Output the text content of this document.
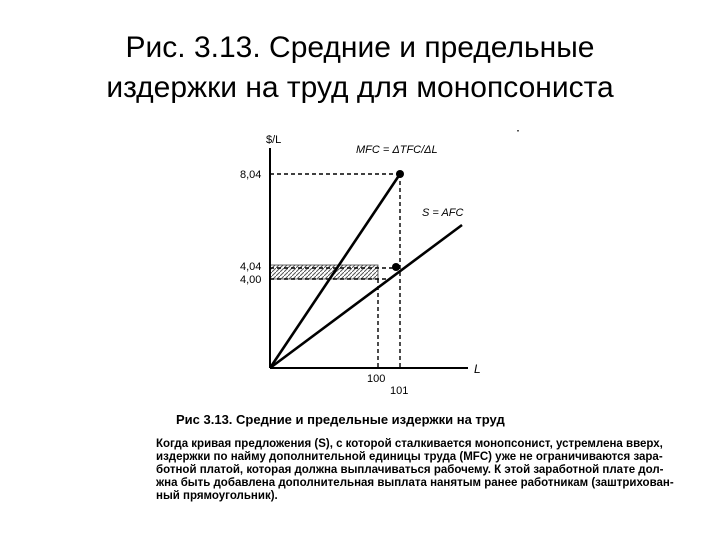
Рис. 3.13. Средние и предельные
издержки на труд для монопсониста
$/L
L
8,04
4,04
4,00
100
101
MFC = ΔTFC/ΔL
S = AFC
Рис 3.13. Средние и предельные издержки на труд
Когда кривая предложения (S), с которой сталкивается монопсонист, устремлена вверх,
издержки по найму дополнительной единицы труда (MFC) уже не ограничиваются зара-
ботной платой, которая должна выплачиваться рабочему. К этой заработной плате дол-
жна быть добавлена дополнительная выплата нанятым ранее работникам (заштрихован-
ный прямоугольник).
